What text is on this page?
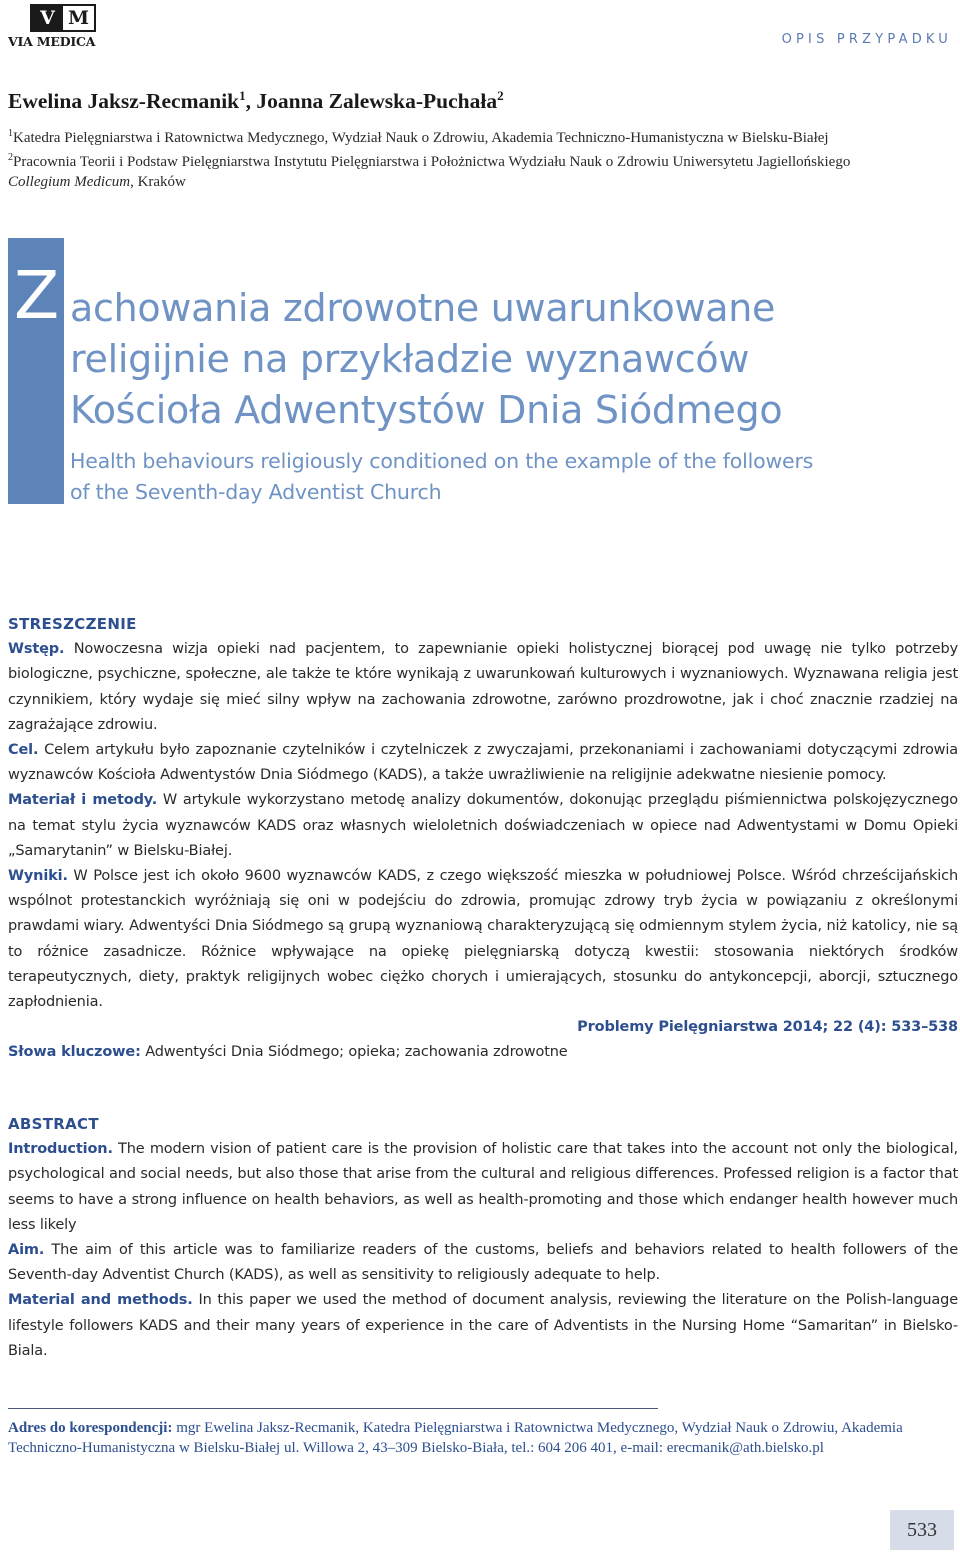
V M
VIA MEDICA	OPIS PRZYPADKU
Ewelina Jaksz-Recmanik$^1$, Joanna Zalewska-Puchała$^2$
$^1$Katedra Pielęgniarstwa i Ratownictwa Medycznego, Wydział Nauk o Zdrowiu, Akademia Techniczno-Humanistyczna w Bielsku-Białej
$^2$Pracownia Teorii i Podstaw Pielęgniarstwa Instytutu Pielęgniarstwa i Położnictwa Wydziału Nauk o Zdrowiu Uniwersytetu Jagiellońskiego
Collegium Medicum, Kraków
Z achowania zdrowotne uwarunkowane
religijnie na przykładzie wyznawców
Kościoła Adwentystów Dnia Siódmego
Health behaviours religiously conditioned on the example of the followers
of the Seventh-day Adventist Church

STRESZCZENIE

Wstęp. Nowoczesna wizja opieki nad pacjentem, to zapewnianie opieki holistycznej biorącej pod uwagę nie tylko potrzeby biologiczne, psychiczne, społeczne, ale także te które wynikają z uwarunkowań kulturowych i wyznaniowych. Wyznawana religia jest czynnikiem, który wydaje się mieć silny wpływ na zachowania zdrowotne, zarówno prozdrowotne, jak i choć znacznie rzadziej na zagrażające zdrowiu.

Cel. Celem artykułu było zapoznanie czytelników i czytelniczek z zwyczajami, przekonaniami i zachowaniami dotyczącymi zdrowia wyznawców Kościoła Adwentystów Dnia Siódmego (KADS), a także uwrażliwienie na religijnie adekwatne niesienie pomocy.

Materiał i metody. W artykule wykorzystano metodę analizy dokumentów, dokonując przeglądu piśmiennictwa polskojęzycznego na temat stylu życia wyznawców KADS oraz własnych wieloletnich doświadczeniach w opiece nad Adwentystami w Domu Opieki „Samarytanin” w Bielsku-Białej.

Wyniki. W Polsce jest ich około 9600 wyznawców KADS, z czego większość mieszka w południowej Polsce. Wśród chrześcijańskich wspólnot protestanckich wyróżniają się oni w podejściu do zdrowia, promując zdrowy tryb życia w powiązaniu z określonymi prawdami wiary. Adwentyści Dnia Siódmego są grupą wyznaniową charakteryzującą się odmiennym stylem życia, niż katolicy, nie są to różnice zasadnicze. Różnice wpływające na opiekę pielęgniarską dotyczą kwestii: stosowania niektórych środków terapeutycznych, diety, praktyk religijnych wobec ciężko chorych i umierających, stosunku do antykoncepcji, aborcji, sztucznego zapłodnienia.

Problemy Pielęgniarstwa 2014; 22 (4): 533–538

Słowa kluczowe: Adwentyści Dnia Siódmego; opieka; zachowania zdrowotne

ABSTRACT

Introduction. The modern vision of patient care is the provision of holistic care that takes into the account not only the biological, psychological and social needs, but also those that arise from the cultural and religious differences. Professed religion is a factor that seems to have a strong influence on health behaviors, as well as health-promoting and those which endanger health however much less likely

Aim. The aim of this article was to familiarize readers of the customs, beliefs and behaviors related to health followers of the Seventh-day Adventist Church (KADS), as well as sensitivity to religiously adequate to help.

Material and methods. In this paper we used the method of document analysis, reviewing the literature on the Polish-language lifestyle followers KADS and their many years of experience in the care of Adventists in the Nursing Home “Samaritan” in Bielsko-Biala.

Adres do korespondencji: mgr Ewelina Jaksz-Recmanik, Katedra Pielęgniarstwa i Ratownictwa Medycznego, Wydział Nauk o Zdrowiu, Akademia Techniczno-Humanistyczna w Bielsku-Białej ul. Willowa 2, 43–309 Bielsko-Biała, tel.: 604 206 401, e-mail: erecmanik@ath.bielsko.pl
533
